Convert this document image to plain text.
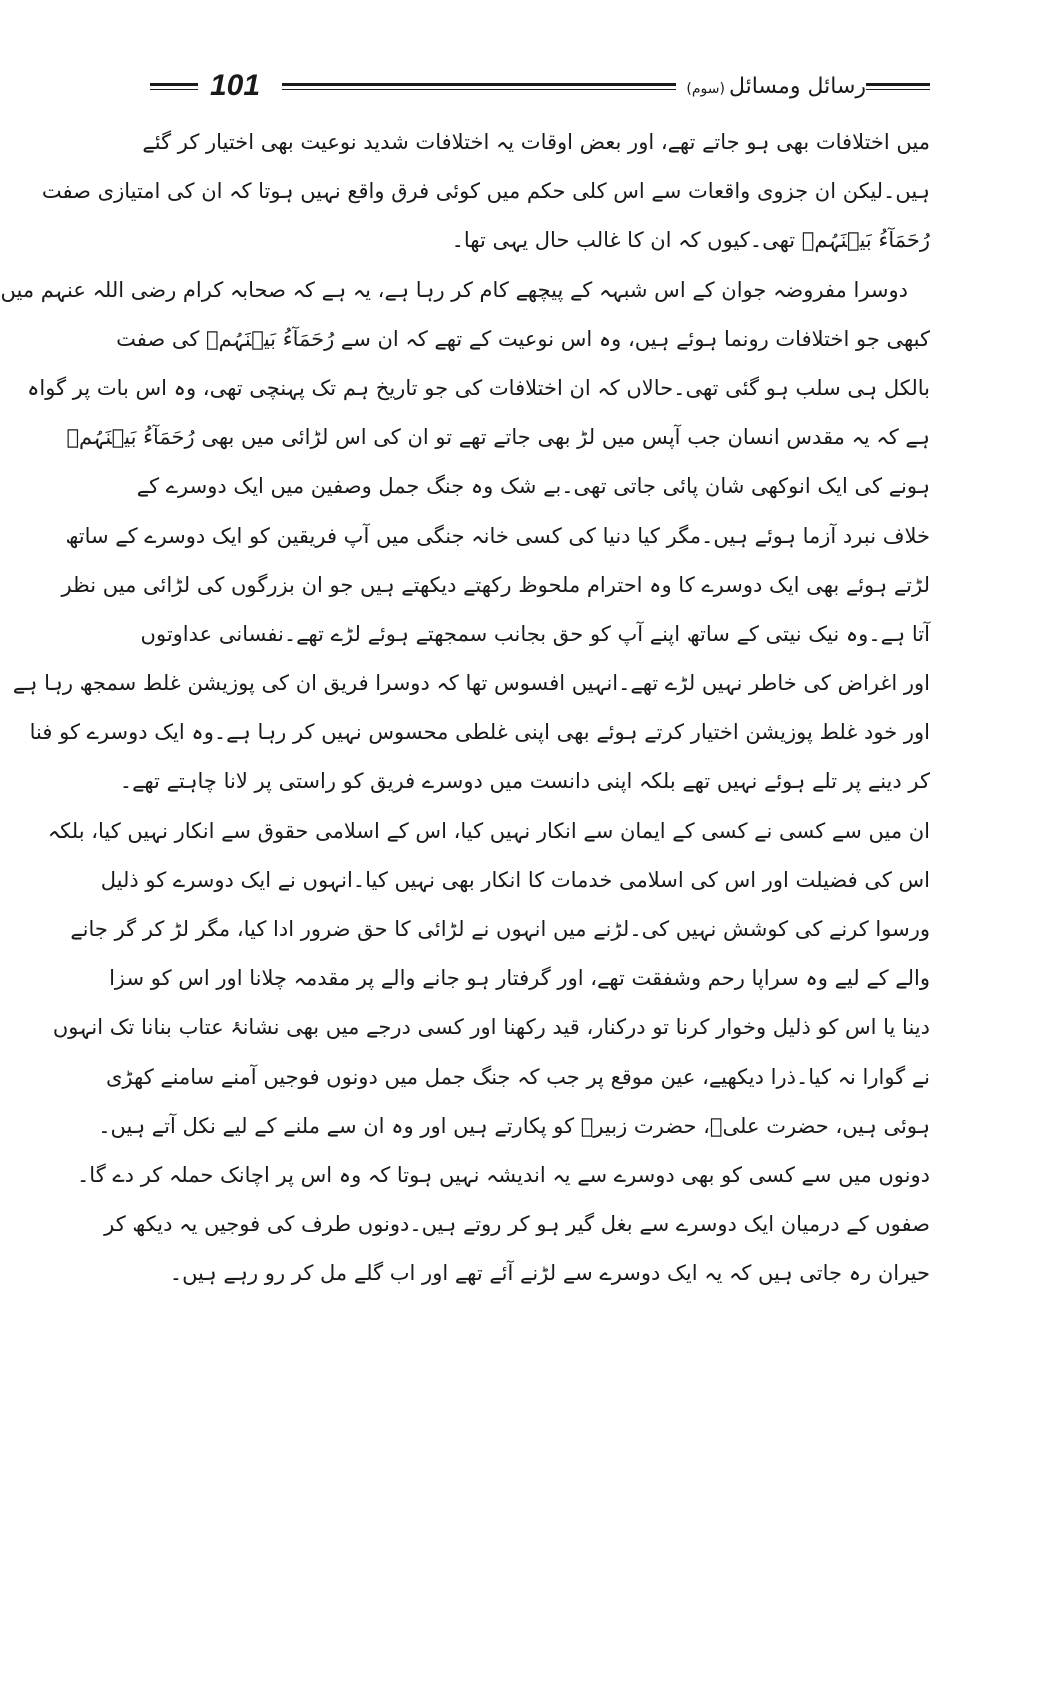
101	رسائل ومسائل
(سوم)
میں اختلافات بھی ہو جاتے تھے، اور بعض اوقات یہ اختلافات شدید نوعیت بھی اختیار کر گئے
ہیں۔لیکن ان جزوی واقعات سے اس کلی حکم میں کوئی فرق واقع نہیں ہوتا کہ ان کی امتیازی صفت
رُحَمَآءُ بَیۡنَہُمۡ تھی۔کیوں کہ ان کا غالب حال یہی تھا۔
دوسرا مفروضہ جوان کے اس شبہہ کے پیچھے کام کر رہا ہے، یہ ہے کہ صحابہ کرام رضی اللہ عنہم میں
کبھی جو اختلافات رونما ہوئے ہیں، وہ اس نوعیت کے تھے کہ ان سے رُحَمَآءُ بَیۡنَہُمۡ کی صفت
بالکل ہی سلب ہو گئی تھی۔حالاں کہ ان اختلافات کی جو تاریخ ہم تک پہنچی تھی، وہ اس بات پر گواہ
ہے کہ یہ مقدس انسان جب آپس میں لڑ بھی جاتے تھے تو ان کی اس لڑائی میں بھی رُحَمَآءُ بَیۡنَہُمۡ
ہونے کی ایک انوکھی شان پائی جاتی تھی۔بے شک وہ جنگ جمل وصفین میں ایک دوسرے کے
خلاف نبرد آزما ہوئے ہیں۔مگر کیا دنیا کی کسی خانہ جنگی میں آپ فریقین کو ایک دوسرے کے ساتھ
لڑتے ہوئے بھی ایک دوسرے کا وہ احترام ملحوظ رکھتے دیکھتے ہیں جو ان بزرگوں کی لڑائی میں نظر
آتا ہے۔وہ نیک نیتی کے ساتھ اپنے آپ کو حق بجانب سمجھتے ہوئے لڑے تھے۔نفسانی عداوتوں
اور اغراض کی خاطر نہیں لڑے تھے۔انہیں افسوس تھا کہ دوسرا فریق ان کی پوزیشن غلط سمجھ رہا ہے
اور خود غلط پوزیشن اختیار کرتے ہوئے بھی اپنی غلطی محسوس نہیں کر رہا ہے۔وہ ایک دوسرے کو فنا
کر دینے پر تلے ہوئے نہیں تھے بلکہ اپنی دانست میں دوسرے فریق کو راستی پر لانا چاہتے تھے۔
ان میں سے کسی نے کسی کے ایمان سے انکار نہیں کیا، اس کے اسلامی حقوق سے انکار نہیں کیا، بلکہ
اس کی فضیلت اور اس کی اسلامی خدمات کا انکار بھی نہیں کیا۔انہوں نے ایک دوسرے کو ذلیل
ورسوا کرنے کی کوشش نہیں کی۔لڑنے میں انہوں نے لڑائی کا حق ضرور ادا کیا، مگر لڑ کر گر جانے
والے کے لیے وہ سراپا رحم وشفقت تھے، اور گرفتار ہو جانے والے پر مقدمہ چلانا اور اس کو سزا
دینا یا اس کو ذلیل وخوار کرنا تو درکنار، قید رکھنا اور کسی درجے میں بھی نشانۂ عتاب بنانا تک انہوں
نے گوارا نہ کیا۔ذرا دیکھیے، عین موقع پر جب کہ جنگ جمل میں دونوں فوجیں آمنے سامنے کھڑی
ہوئی ہیں، حضرت علیؓ، حضرت زبیرؓ کو پکارتے ہیں اور وہ ان سے ملنے کے لیے نکل آتے ہیں۔
دونوں میں سے کسی کو بھی دوسرے سے یہ اندیشہ نہیں ہوتا کہ وہ اس پر اچانک حملہ کر دے گا۔
صفوں کے درمیان ایک دوسرے سے بغل گیر ہو کر روتے ہیں۔دونوں طرف کی فوجیں یہ دیکھ کر
حیران رہ جاتی ہیں کہ یہ ایک دوسرے سے لڑنے آئے تھے اور اب گلے مل کر رو رہے ہیں۔
